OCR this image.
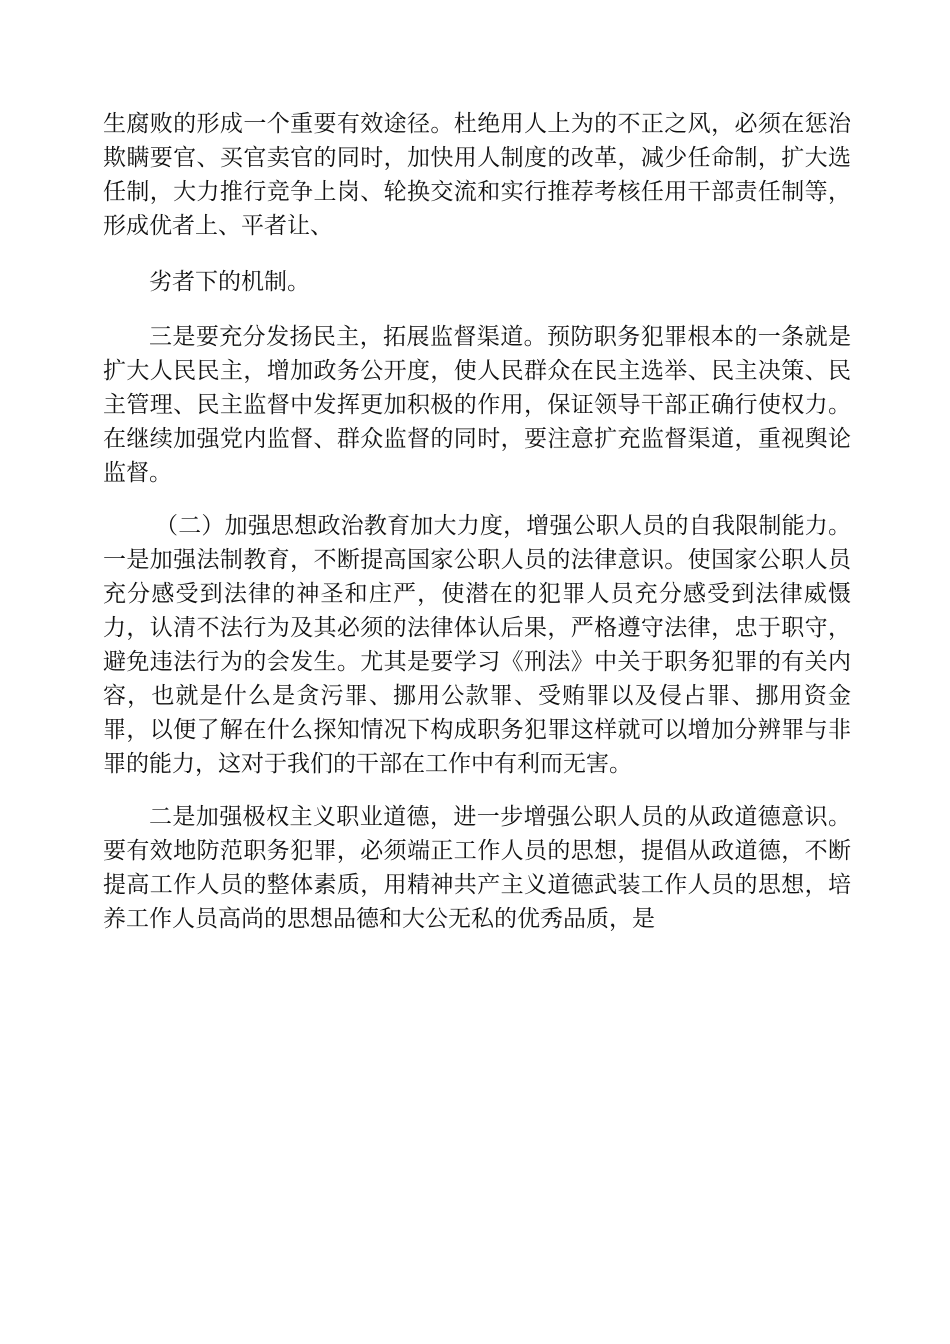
生腐败的形成一个重要有效途径。杜绝用人上为的不正之风，必须在惩治欺瞒要官、买官卖官的同时，加快用人制度的改革，减少任命制，扩大选任制，大力推行竞争上岗、轮换交流和实行推荐考核任用干部责任制等，形成优者上、平者让、
劣者下的机制。
三是要充分发扬民主，拓展监督渠道。预防职务犯罪根本的一条就是扩大人民民主，增加政务公开度，使人民群众在民主选举、民主决策、民主管理、民主监督中发挥更加积极的作用，保证领导干部正确行使权力。在继续加强党内监督、群众监督的同时，要注意扩充监督渠道，重视舆论监督。
（二）加强思想政治教育加大力度，增强公职人员的自我限制能力。一是加强法制教育，不断提高国家公职人员的法律意识。使国家公职人员充分感受到法律的神圣和庄严，使潜在的犯罪人员充分感受到法律威慑力，认清不法行为及其必须的法律体认后果，严格遵守法律，忠于职守，避免违法行为的会发生。尤其是要学习《刑法》中关于职务犯罪的有关内容，也就是什么是贪污罪、挪用公款罪、受贿罪以及侵占罪、挪用资金罪，以便了解在什么探知情况下构成职务犯罪这样就可以增加分辨罪与非罪的能力，这对于我们的干部在工作中有利而无害。
二是加强极权主义职业道德，进一步增强公职人员的从政道德意识。要有效地防范职务犯罪，必须端正工作人员的思想，提倡从政道德，不断提高工作人员的整体素质，用精神共产主义道德武装工作人员的思想，培养工作人员高尚的思想品德和大公无私的优秀品质，是
